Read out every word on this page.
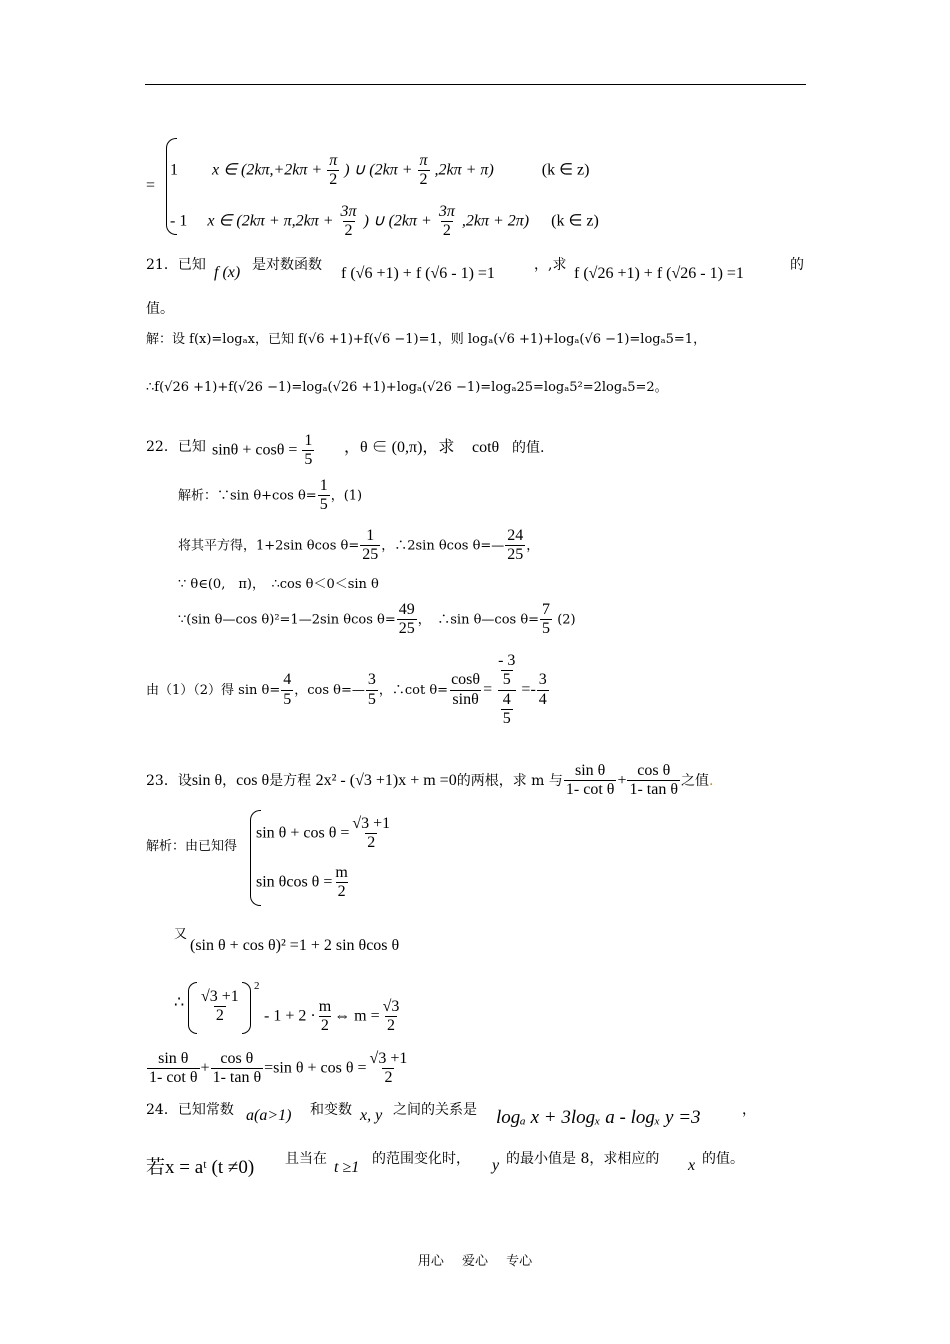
=
1 x ∈ ($2k\pi,+2k\pi + \frac{\pi}{2}$ ) ∪ $(2k\pi + \frac{\pi}{2} ,2k\pi + \pi)$	(k ∈ z)
- 1 x ∈ ($2k\pi + \pi,2k\pi + \frac{3\pi}{2}$ ) ∪ $(2k\pi + \frac{3\pi}{2} ,2k\pi + 2\pi)$ (k ∈ z)
21．已知 f (x) 是对数函数 f (√6 +1) + f (√6 - 1) =1	，,求 f (√26 +1) + f (√26 - 1) =1	的
值。
解：设 f(x)=logₐx，已知 f(√6 +1)+f(√6 −1)=1，则 logₐ(√6 +1)+logₐ(√6 −1)=logₐ5=1，
∴f(√26 +1)+f(√26 −1)=logₐ(√26 +1)+logₐ(√26 −1)=logₐ25=logₐ5²=2logₐ5=2。
22．已知 $\sin\theta + \cos\theta = \frac{1}{5}$ ，θ ∈ (0,π)，求 cotθ 的值.
解析：∵sin θ+cos $\theta= \frac{1}{5}$ ，(1)
将其平方得，1+2sin θcos $\theta= \frac{1}{25}$ ，∴2sin θcos θ=— $\frac{24}{25}$ ，
∵ θ∈(0,　π)，　∴cos θ＜0＜sin θ
∵(sin θ—cos θ)²=1—2sin θcos $\theta= \frac{49}{25}$ ，　∴sin θ—cos $\theta= \frac{7}{5} (2)$
由（1）（2）得 $\sin \theta= \frac{4}{5}$ ，cos θ=— $\frac{3}{5}$ ，∴cot $\theta= \frac{\cos\theta}{\sin\theta} = \frac{\frac{- 3}{5}}{\frac{4}{5}} =- \frac{3}{4}$
23．设sin θ，cos θ是方程 2x² - (√3 +1)x + m =0的两根，求 m 与 $\frac{\text{sin θ}}{\text{1- cot θ}} + \frac{\text{cos θ}}{\text{1- tan θ}}$ 之值.
解析：由已知得
$\sin \theta + \cos \theta = \frac{√3 +1}{2}$
sin θcos $\theta = \frac{m}{2}$
又
(sin θ + cos θ)² =1 + 2 sin θcos θ
∴ $\frac{√3 +1}{2}$
2
- $1 + 2 \cdot \frac{m}{2}$ ⇔ $m = \frac{√3}{2}$
$\frac{\text{sin θ}}{\text{1- cot θ}} + \frac{\text{cos θ}}{\text{1- tan θ}} =\sin$ $\theta + \cos \theta = \frac{√3 +1}{2}$
24．已知常数 a(a>1) 和变数 x, y 之间的关系是 logₐ x + 3logₓ a - logₓ y =3	，
若x = aᵗ (t ≠0) 且当在 t ≥1 的范围变化时， y 的最小值是 8，求相应的 x 的值。
用心 爱心 专心
